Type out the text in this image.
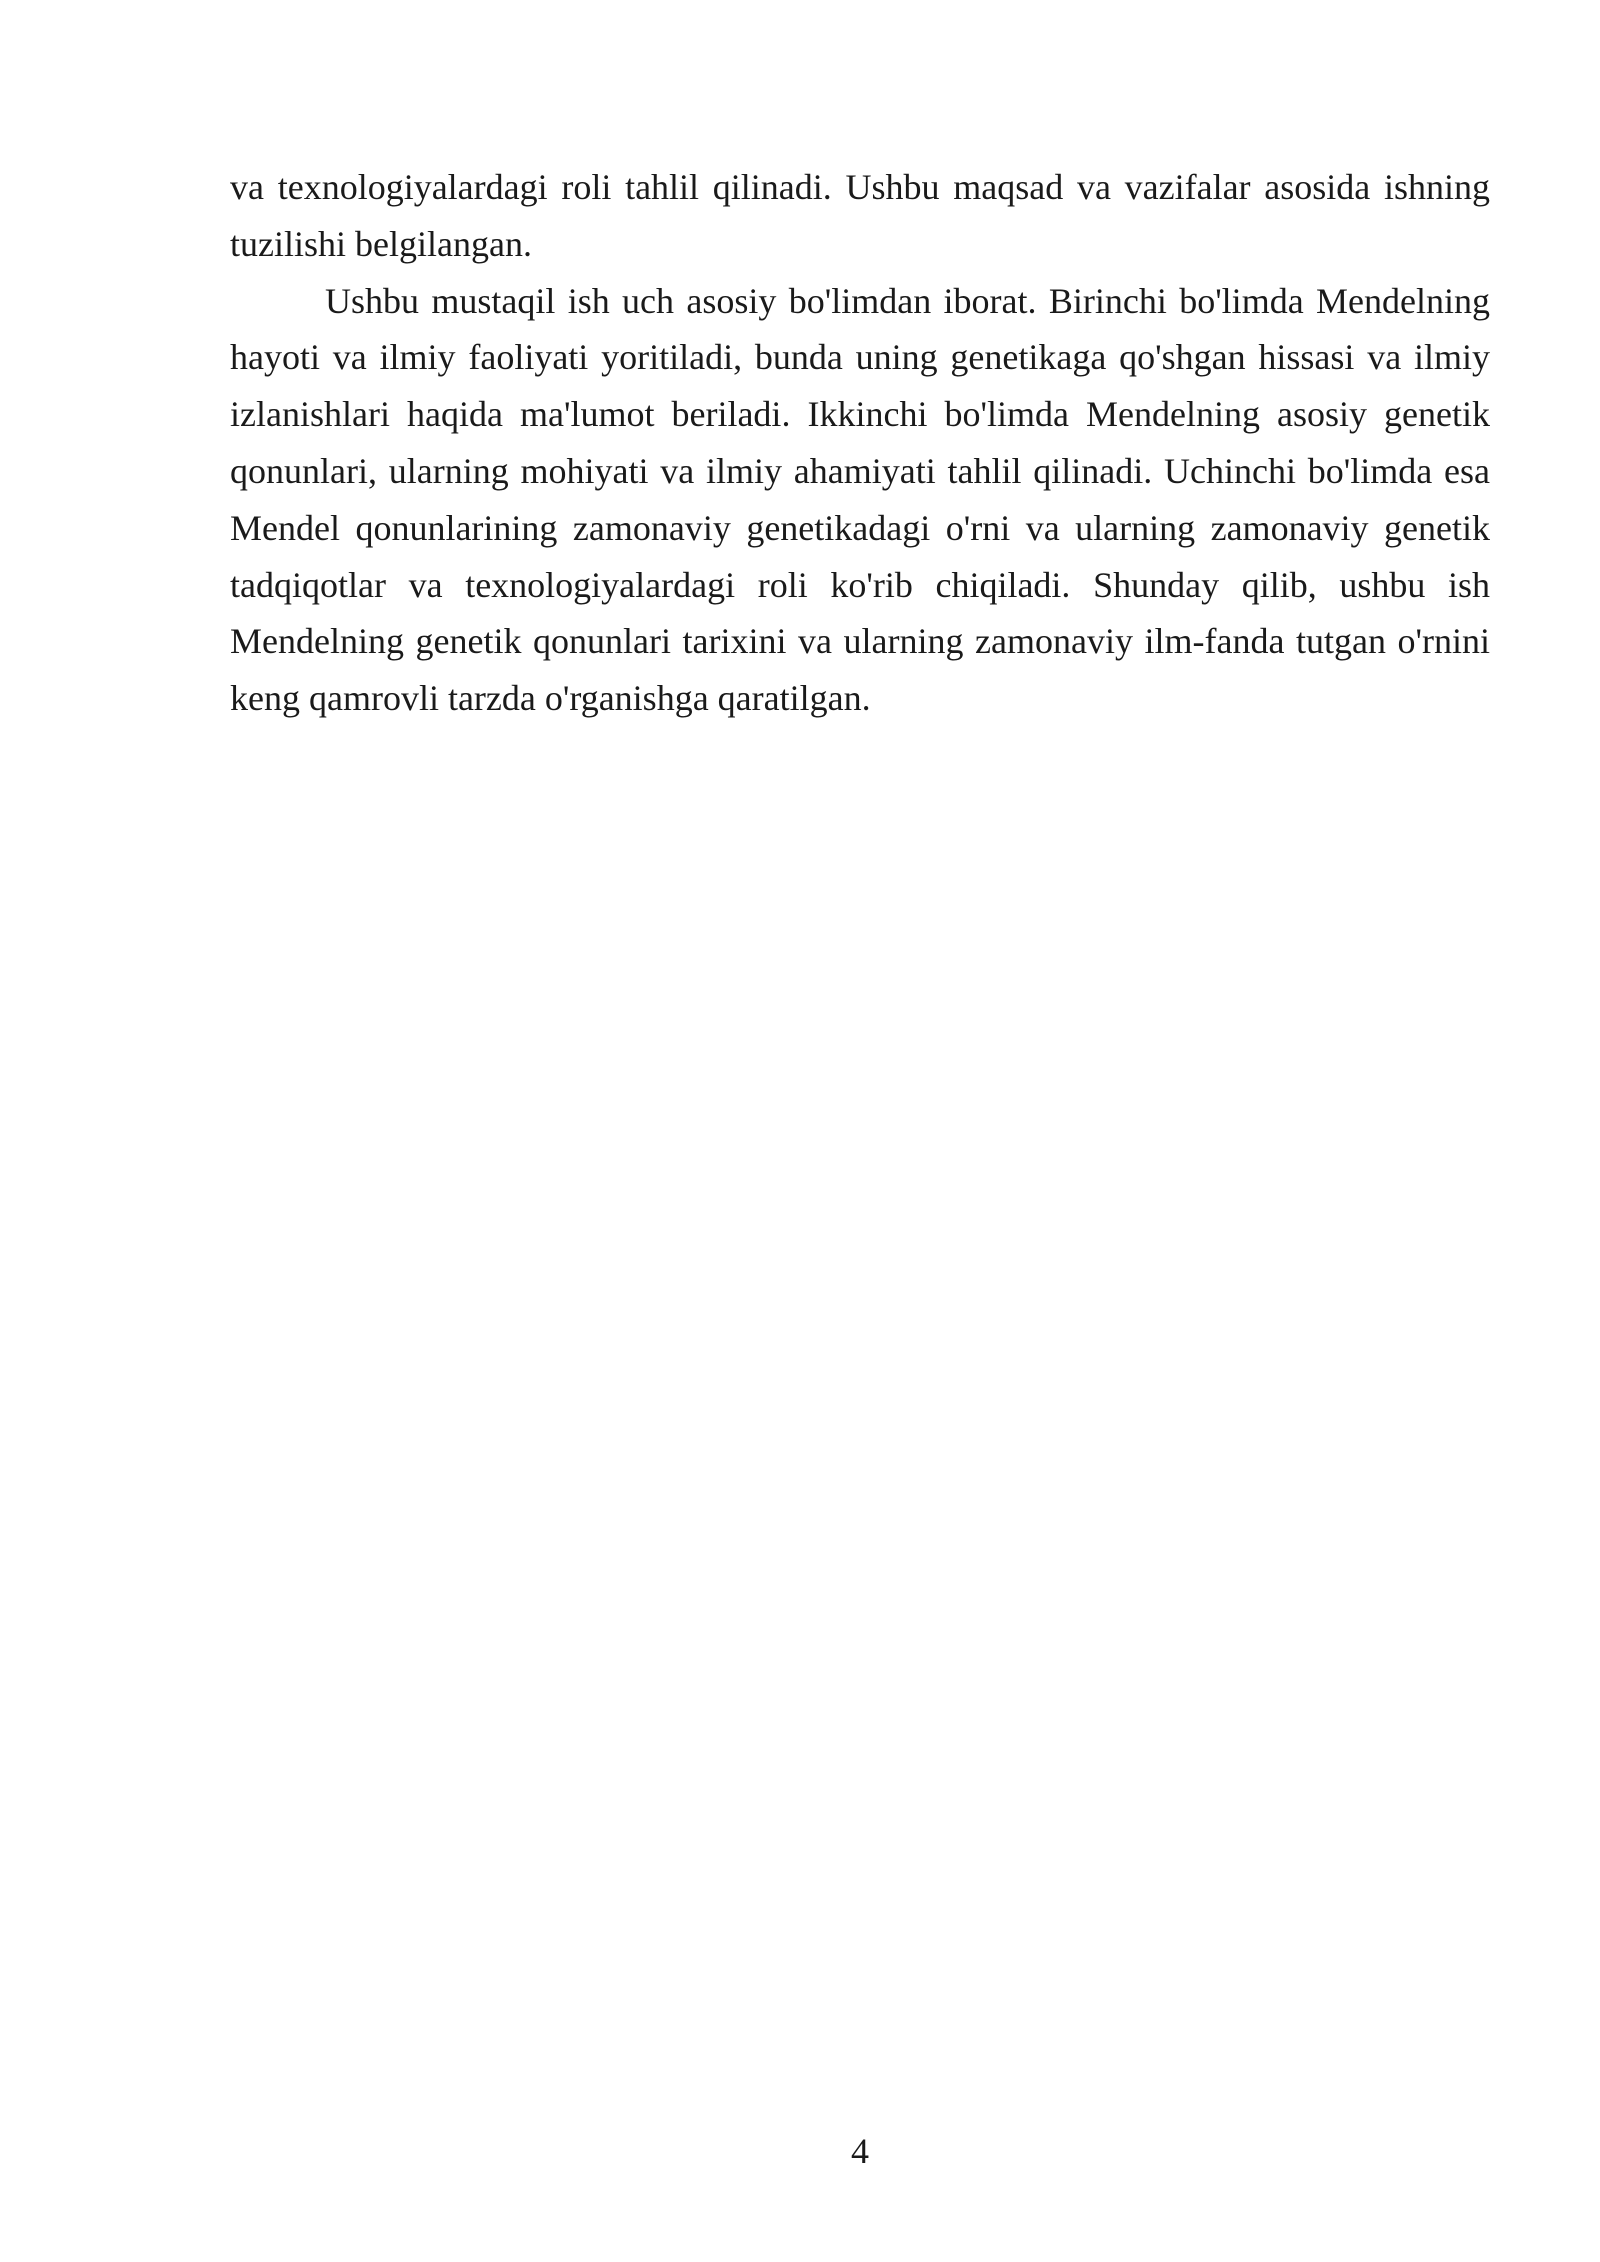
va texnologiyalardagi roli tahlil qilinadi. Ushbu maqsad va vazifalar asosida ishning tuzilishi belgilangan.

Ushbu mustaqil ish uch asosiy bo'limdan iborat. Birinchi bo'limda Mendelning hayoti va ilmiy faoliyati yoritiladi, bunda uning genetikaga qo'shgan hissasi va ilmiy izlanishlari haqida ma'lumot beriladi. Ikkinchi bo'limda Mendelning asosiy genetik qonunlari, ularning mohiyati va ilmiy ahamiyati tahlil qilinadi. Uchinchi bo'limda esa Mendel qonunlarining zamonaviy genetikadagi o'rni va ularning zamonaviy genetik tadqiqotlar va texnologiyalardagi roli ko'rib chiqiladi. Shunday qilib, ushbu ish Mendelning genetik qonunlari tarixini va ularning zamonaviy ilm-fanda tutgan o'rnini keng qamrovli tarzda o'rganishga qaratilgan.

4
